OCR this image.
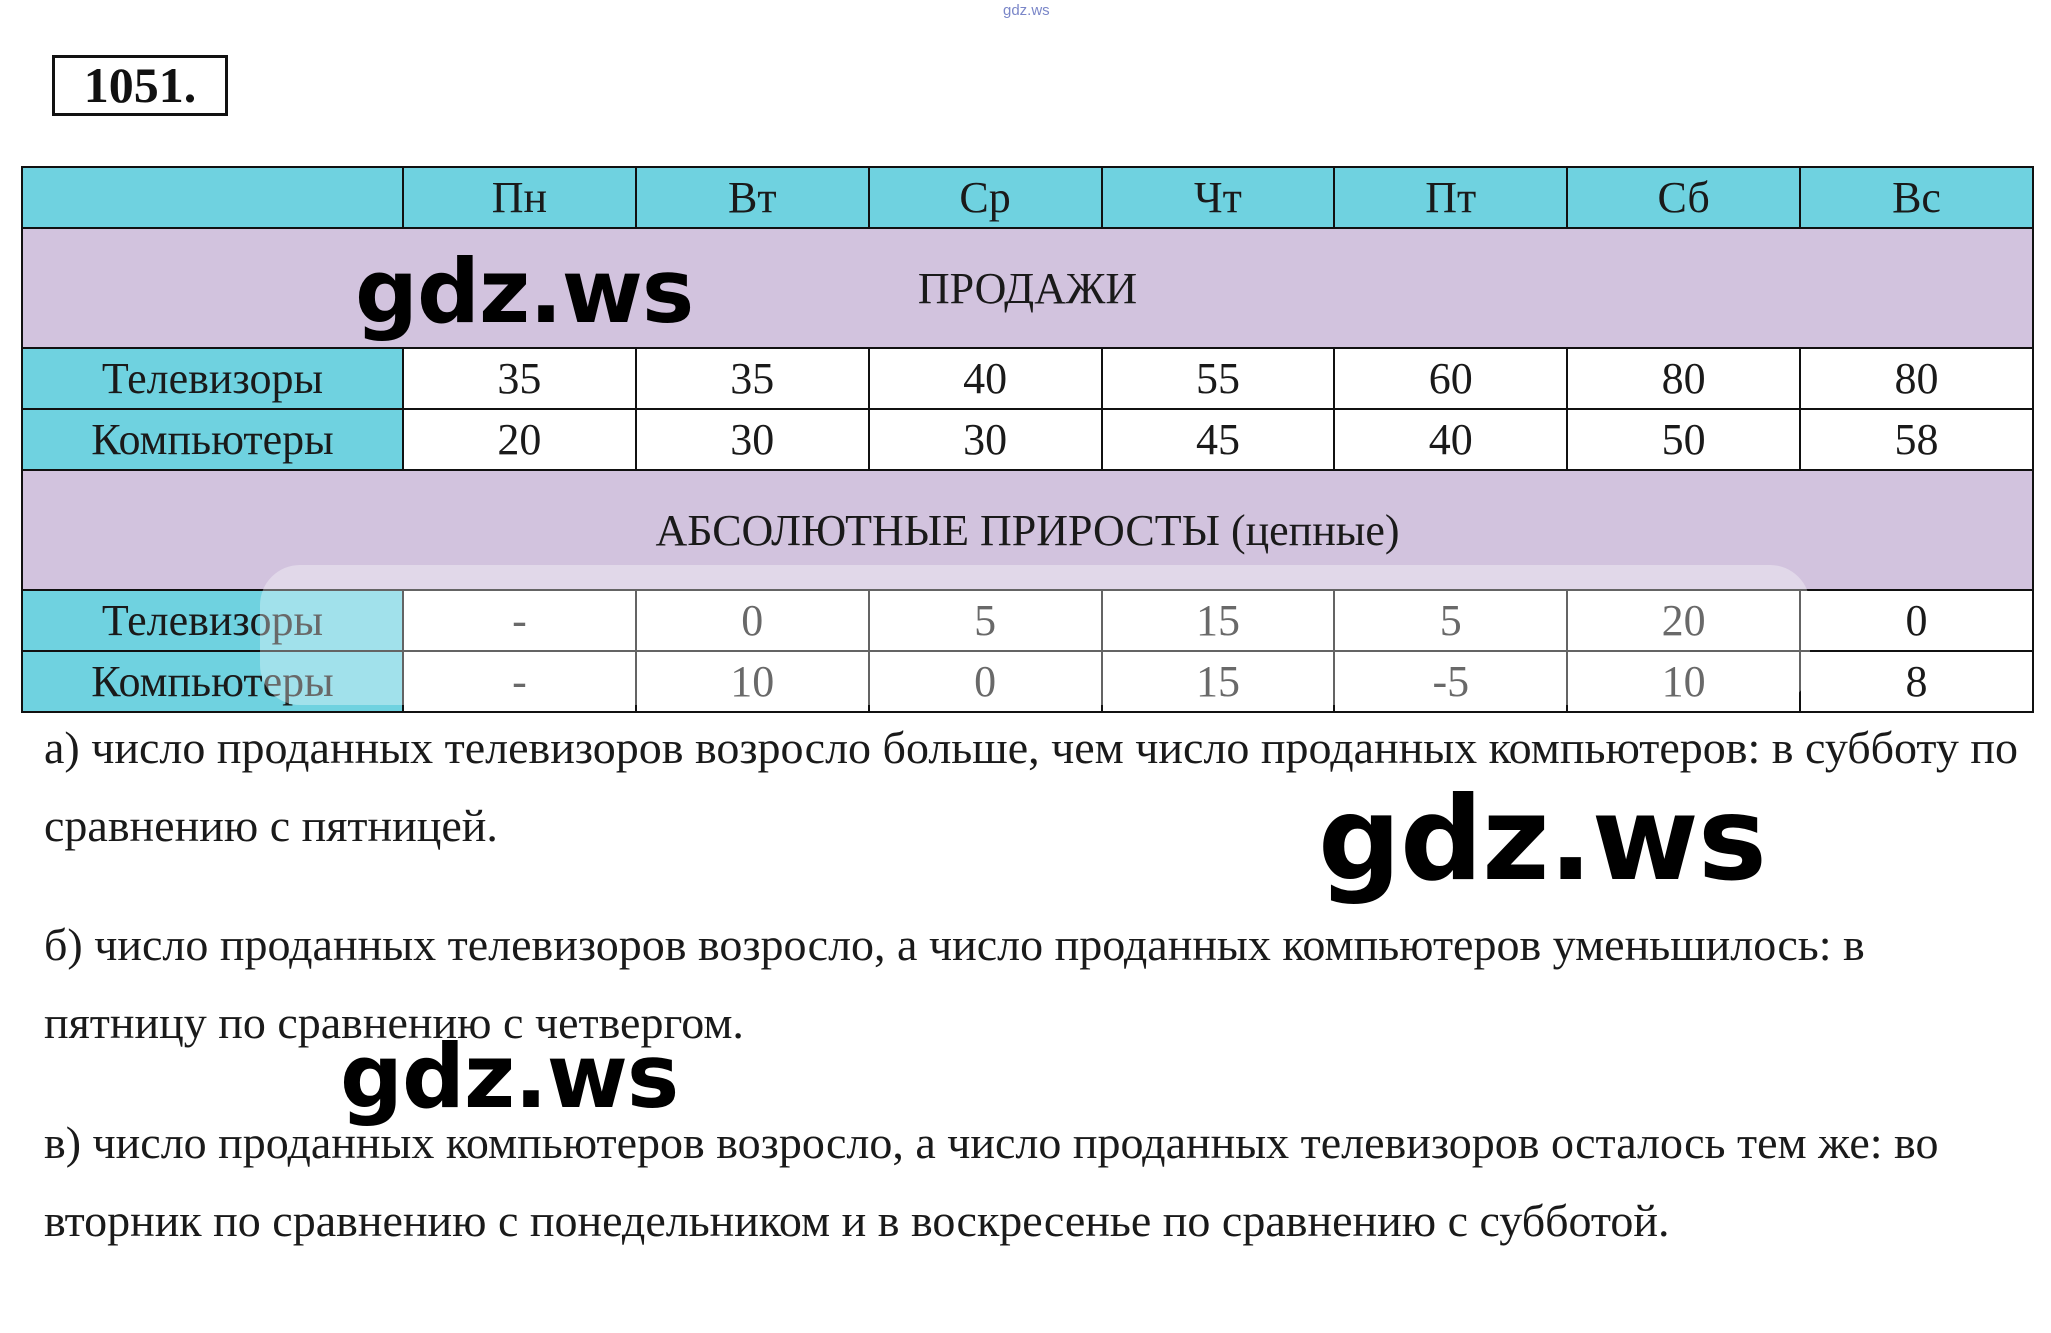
gdz.ws
1051.
	Пн	Вт	Ср	Чт	Пт	Сб	Вс
ПРОДАЖИ							
Телевизоры	35	35	40	55	60	80	80
Компьютеры	20	30	30	45	40	50	58
АБСОЛЮТНЫЕ ПРИРОСТЫ (цепные)							
Телевизоры	-	0	5	15	5	20	0
Компьютеры	-	10	0	15	-5	10	8

а) число проданных телевизоров возросло больше, чем число проданных компьютеров: в субботу по сравнению с пятницей.

б) число проданных телевизоров возросло, а число проданных компьютеров уменьшилось: в пятницу по сравнению с четвергом.

в) число проданных компьютеров возросло, а число проданных телевизоров осталось тем же: во вторник по сравнению с понедельником и в воскресенье по сравнению с субботой.

gdz.ws
gdz.ws
gdz.ws
